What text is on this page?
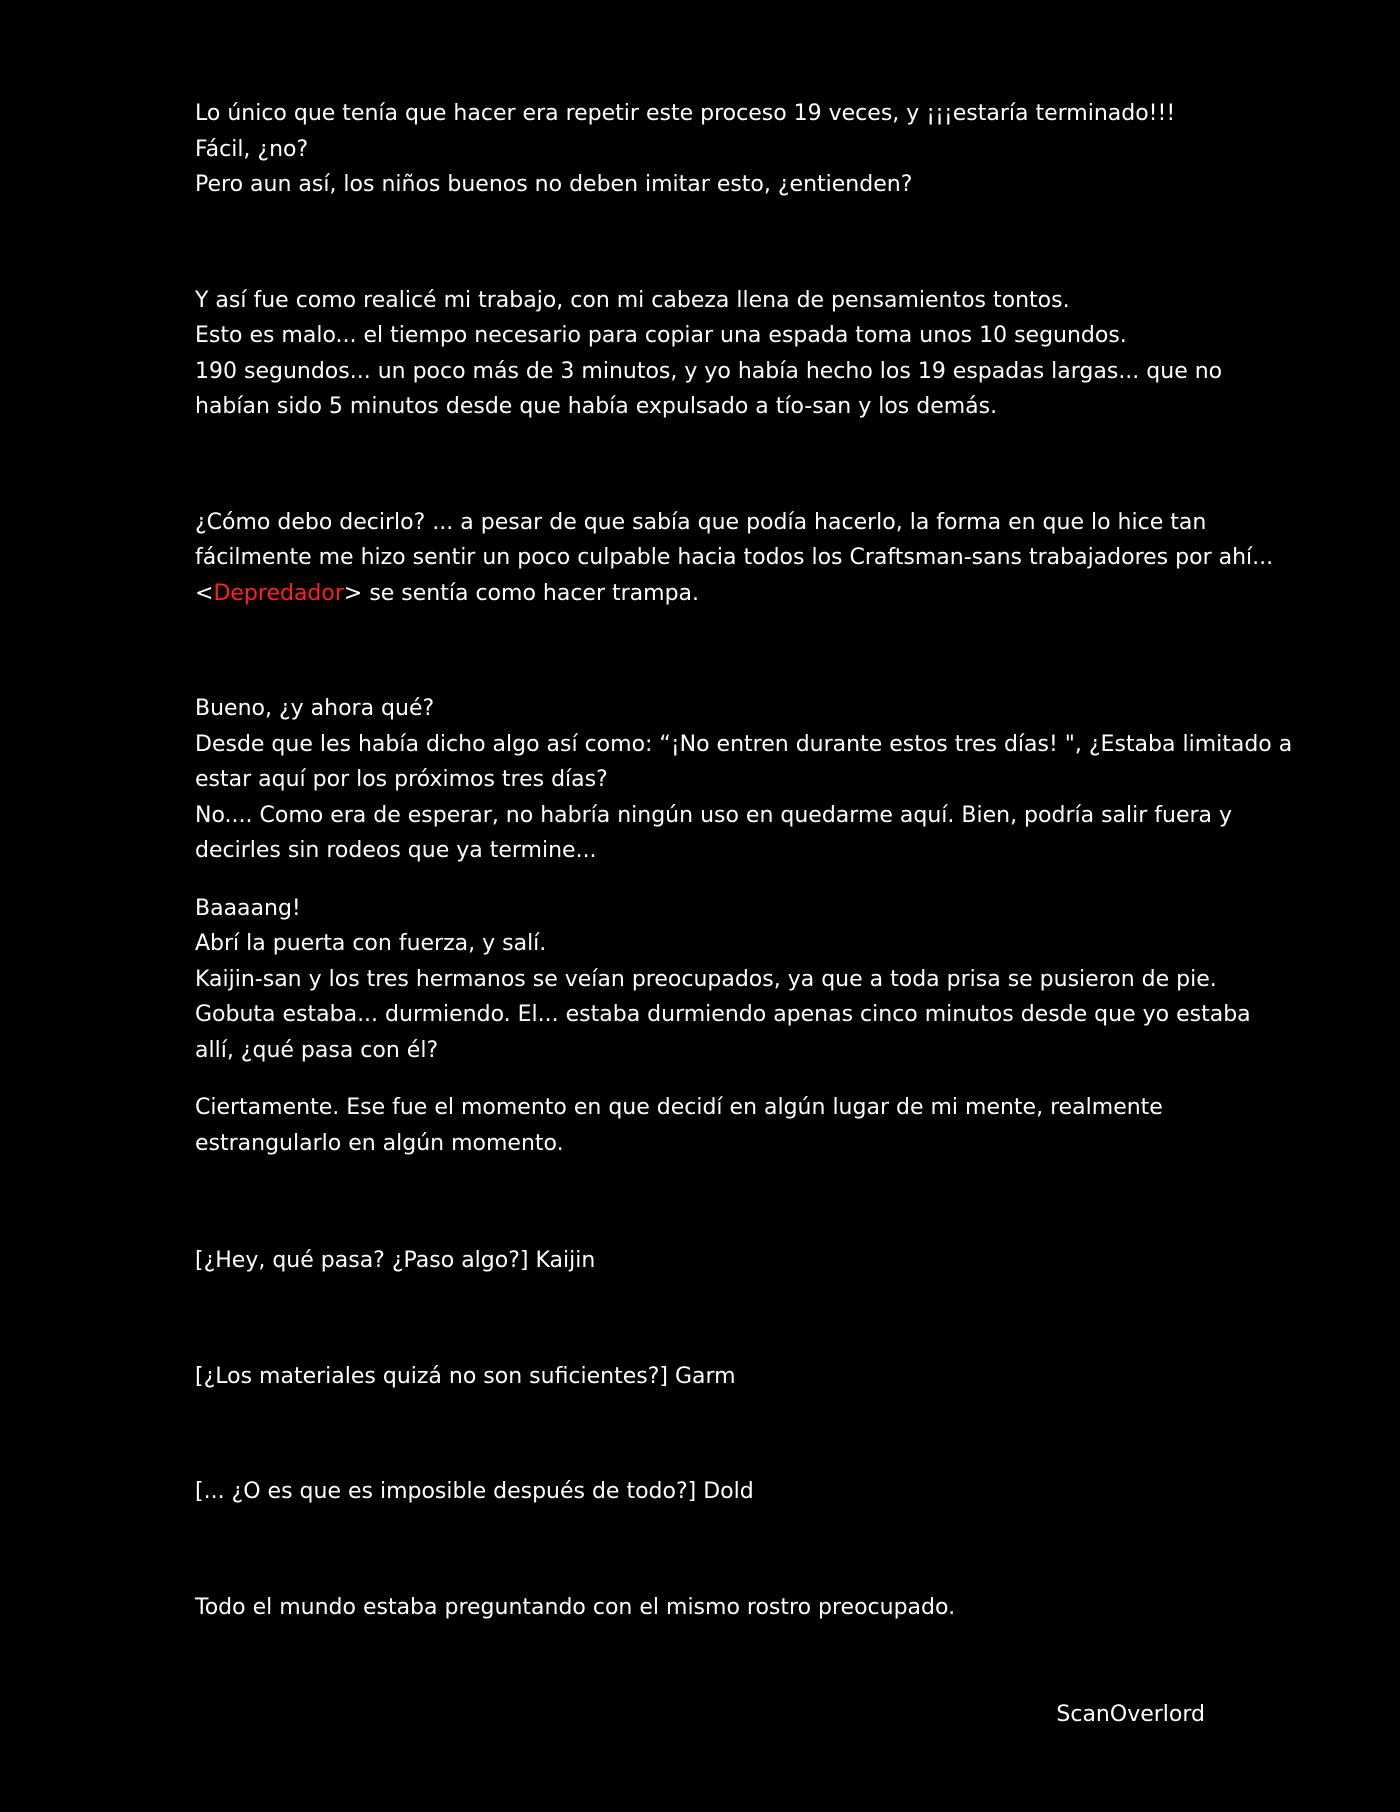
Lo único que tenía que hacer era repetir este proceso 19 veces, y ¡¡¡estaría terminado!!!

Fácil, ¿no?

Pero aun así, los niños buenos no deben imitar esto, ¿entienden?

Y así fue como realicé mi trabajo, con mi cabeza llena de pensamientos tontos.

Esto es malo... el tiempo necesario para copiar una espada toma unos 10 segundos.

190 segundos... un poco más de 3 minutos, y yo había hecho los 19 espadas largas... que no

habían sido 5 minutos desde que había expulsado a tío-san y los demás.

¿Cómo debo decirlo? ... a pesar de que sabía que podía hacerlo, la forma en que lo hice tan

fácilmente me hizo sentir un poco culpable hacia todos los Craftsman-sans trabajadores por ahí...

<Depredador> se sentía como hacer trampa.

Bueno, ¿y ahora qué?

Desde que les había dicho algo así como: “¡No entren durante estos tres días! ", ¿Estaba limitado a

estar aquí por los próximos tres días?

No.... Como era de esperar, no habría ningún uso en quedarme aquí. Bien, podría salir fuera y

decirles sin rodeos que ya termine...

Baaaang!

Abrí la puerta con fuerza, y salí.

Kaijin-san y los tres hermanos se veían preocupados, ya que a toda prisa se pusieron de pie.

Gobuta estaba... durmiendo. El... estaba durmiendo apenas cinco minutos desde que yo estaba

allí, ¿qué pasa con él?

Ciertamente. Ese fue el momento en que decidí en algún lugar de mi mente, realmente

estrangularlo en algún momento.

[¿Hey, qué pasa? ¿Paso algo?] Kaijin

[¿Los materiales quizá no son suficientes?] Garm

[... ¿O es que es imposible después de todo?] Dold

Todo el mundo estaba preguntando con el mismo rostro preocupado.

ScanOverlord
